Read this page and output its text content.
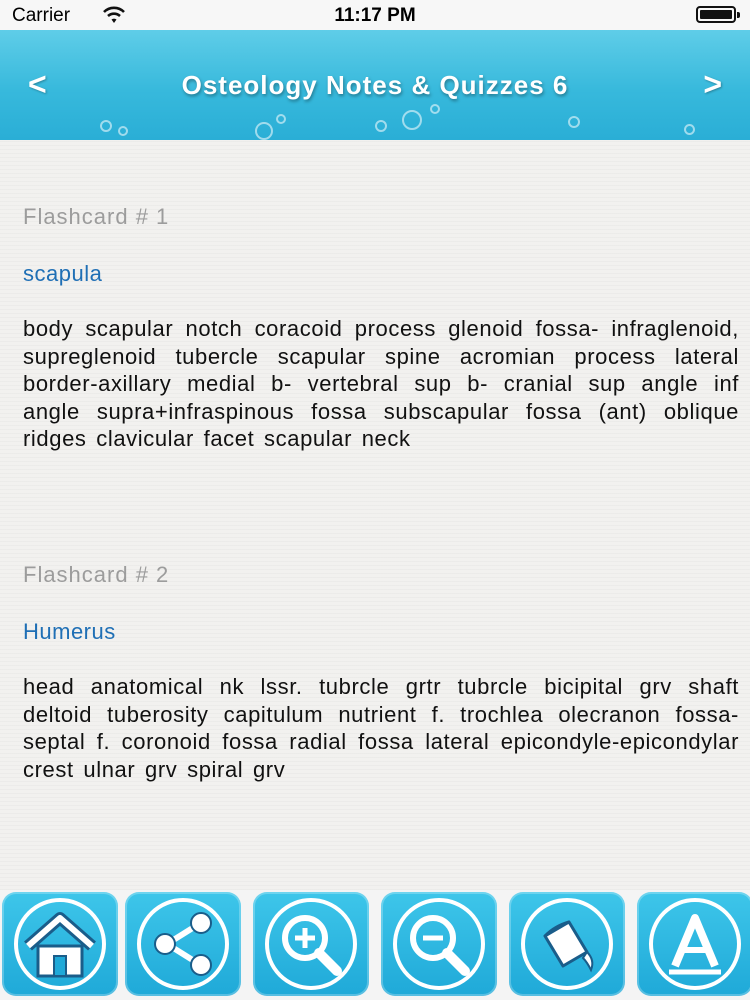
Carrier	11:17 PM
<	Osteology Notes & Quizzes 6	>
Flashcard # 1
scapula
body scapular notch coracoid process glenoid fossa- infraglenoid, supreglenoid tubercle scapular spine acromian process lateral border-axillary medial b- vertebral sup b- cranial sup angle inf angle supra+infraspinous fossa subscapular fossa (ant) oblique ridges clavicular facet scapular neck
Flashcard # 2
Humerus
head anatomical nk lssr. tubrcle grtr tubrcle bicipital grv shaft deltoid tuberosity capitulum nutrient f. trochlea olecranon fossa-septal f. coronoid fossa radial fossa lateral epicondyle-epicondylar crest ulnar grv spiral grv
